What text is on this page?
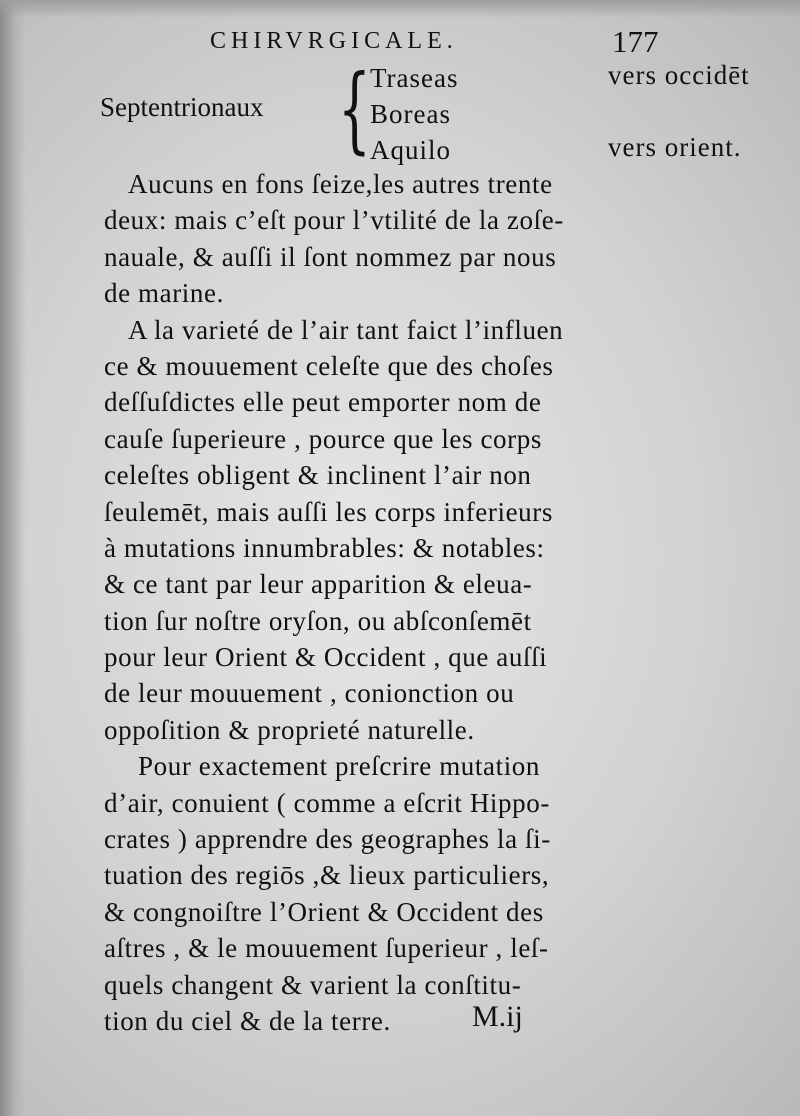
CHIRVRGICALE.	177
Septentrionaux { Traseas
Boreas
Aquilo
vers occidēt
vers orient.
Aucuns en fons ſeize,les autres trente
deux: mais c’eſt pour l’vtilité de la zoſe-
nauale, & auſſi il ſont nommez par nous
de marine.
A la varieté de l’air tant faict l’influen
ce & mouuement celeſte que des choſes
deſſuſdictes elle peut emporter nom de
cauſe ſuperieure , pource que les corps
celeſtes obligent & inclinent l’air non
ſeulemēt, mais auſſi les corps inferieurs
à mutations innumbrables: & notables:
& ce tant par leur apparition & eleua-
tion ſur noſtre oryſon, ou abſconſemēt
pour leur Orient & Occident , que auſſi
de leur mouuement , conionction ou
oppoſition & proprieté naturelle.
Pour exactement preſcrire mutation
d’air, conuient ( comme a eſcrit Hippo-
crates ) apprendre des geographes la ſi-
tuation des regiōs ,& lieux particuliers,
& congnoiſtre l’Orient & Occident des
aſtres , & le mouuement ſuperieur , leſ-
quels changent & varient la conſtitu-
tion du ciel & de la terre.	M.ij
